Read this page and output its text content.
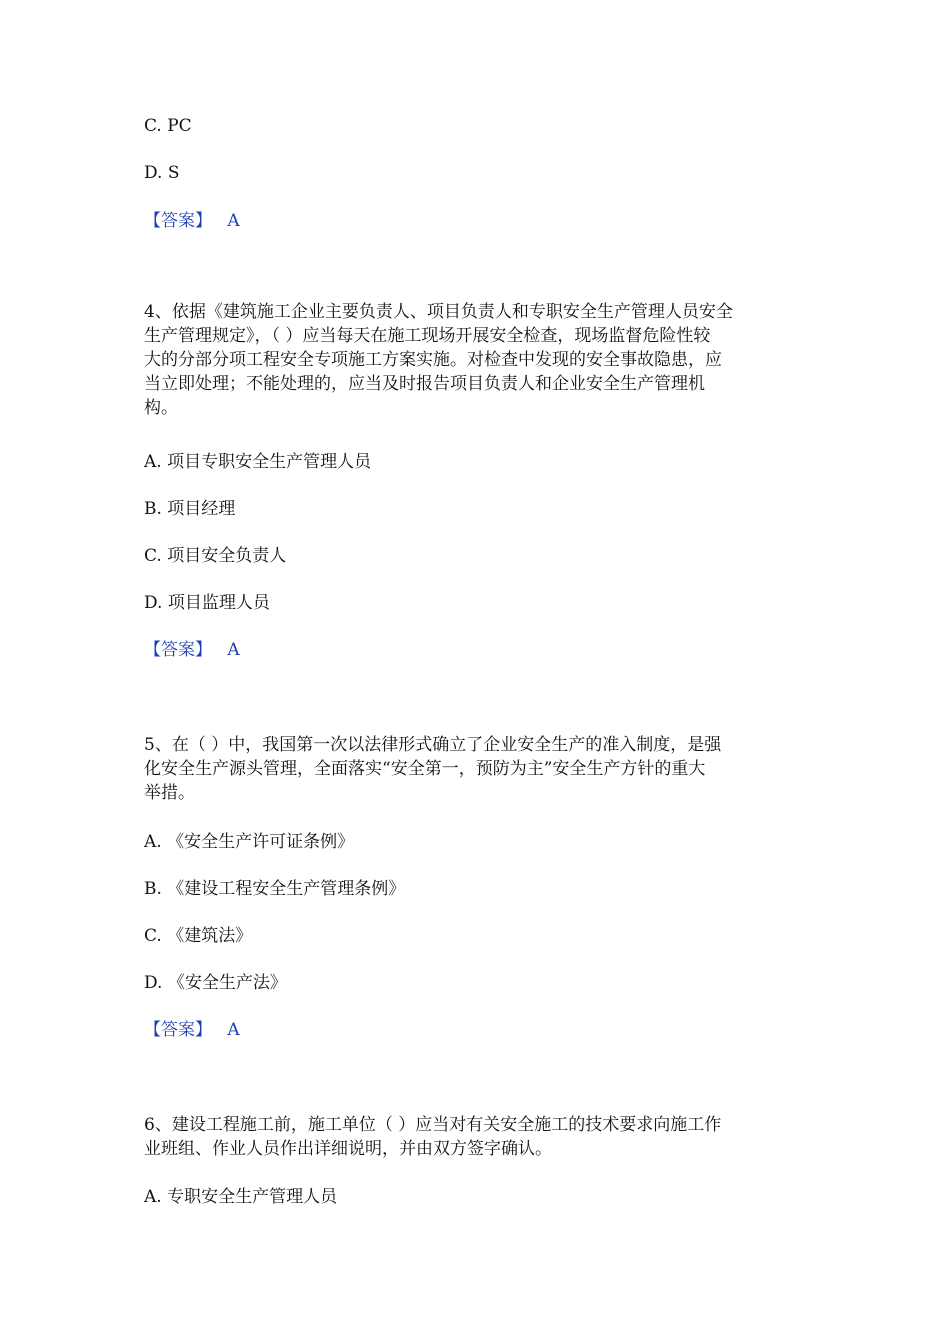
C. PC
D. S
【答案】 A
4、依据《建筑施工企业主要负责人、项目负责人和专职安全生产管理人员安全
生产管理规定》，（ ）应当每天在施工现场开展安全检查，现场监督危险性较
大的分部分项工程安全专项施工方案实施。对检查中发现的安全事故隐患，应
当立即处理；不能处理的，应当及时报告项目负责人和企业安全生产管理机
构。
A. 项目专职安全生产管理人员
B. 项目经理
C. 项目安全负责人
D. 项目监理人员
【答案】 A
5、在（ ）中，我国第一次以法律形式确立了企业安全生产的准入制度，是强
化安全生产源头管理，全面落实“安全第一，预防为主”安全生产方针的重大
举措。
A. 《安全生产许可证条例》
B. 《建设工程安全生产管理条例》
C. 《建筑法》
D. 《安全生产法》
【答案】 A
6、建设工程施工前，施工单位（ ）应当对有关安全施工的技术要求向施工作
业班组、作业人员作出详细说明，并由双方签字确认。
A. 专职安全生产管理人员
